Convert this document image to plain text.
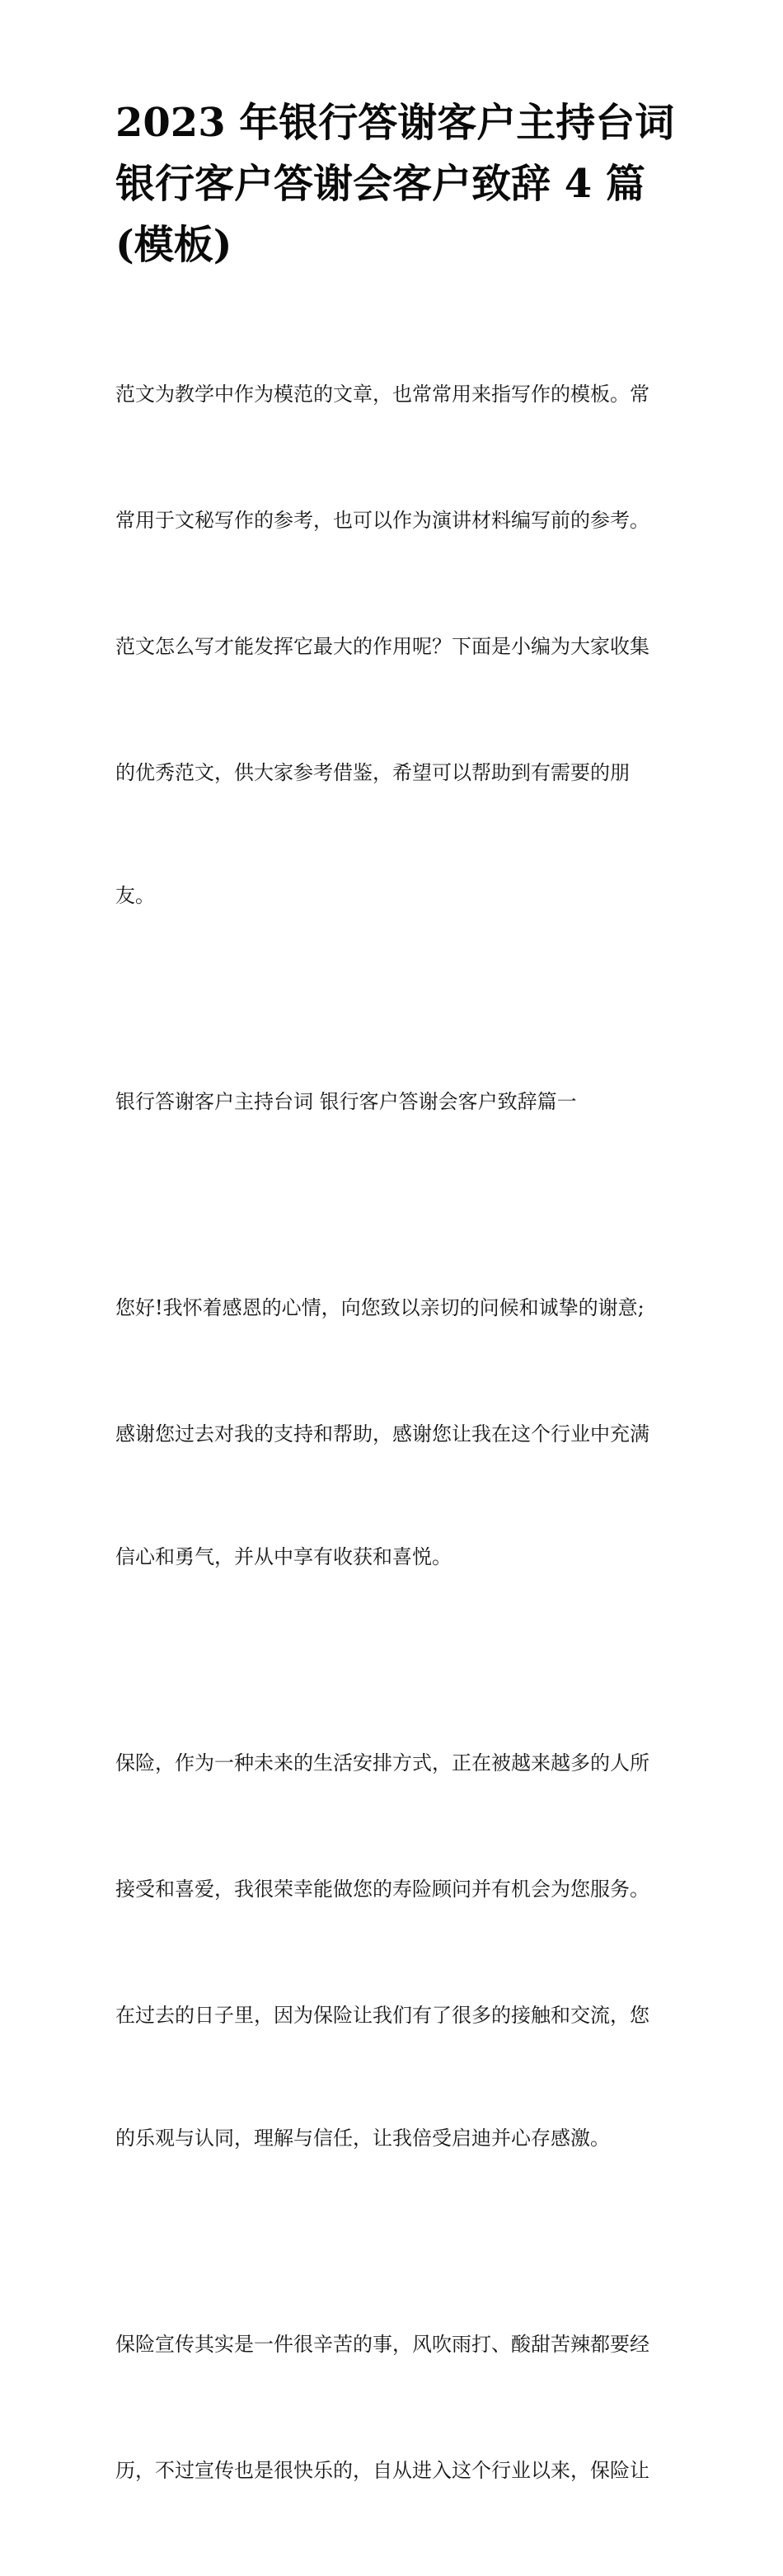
2023 年银行答谢客户主持台词
银行客户答谢会客户致辞 4 篇
(模板)

范文为教学中作为模范的文章，也常常用来指写作的模板。常

常用于文秘写作的参考，也可以作为演讲材料编写前的参考。

范文怎么写才能发挥它最大的作用呢？下面是小编为大家收集

的优秀范文，供大家参考借鉴，希望可以帮助到有需要的朋

友。

银行答谢客户主持台词 银行客户答谢会客户致辞篇一

您好!我怀着感恩的心情，向您致以亲切的问候和诚挚的谢意;

感谢您过去对我的支持和帮助，感谢您让我在这个行业中充满

信心和勇气，并从中享有收获和喜悦。

保险，作为一种未来的生活安排方式，正在被越来越多的人所

接受和喜爱，我很荣幸能做您的寿险顾问并有机会为您服务。

在过去的日子里，因为保险让我们有了很多的接触和交流，您

的乐观与认同，理解与信任，让我倍受启迪并心存感激。

保险宣传其实是一件很辛苦的事，风吹雨打、酸甜苦辣都要经

历，不过宣传也是很快乐的，自从进入这个行业以来，保险让
